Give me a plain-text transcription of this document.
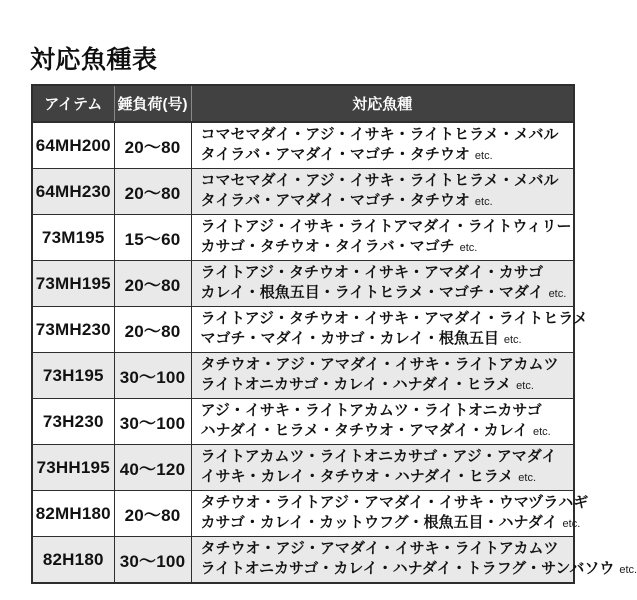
対応魚種表
アイテム	錘負荷(号)	対応魚種
64MH200	20～80	コマセマダイ・アジ・イサキ・ライトヒラメ・メバル
タイラバ・アマダイ・マゴチ・タチウオ etc.

64MH230	20～80	コマセマダイ・アジ・イサキ・ライトヒラメ・メバル
タイラバ・アマダイ・マゴチ・タチウオ etc.

73M195	15～60	ライトアジ・イサキ・ライトアマダイ・ライトウィリー
カサゴ・タチウオ・タイラバ・マゴチ etc.

73MH195	20～80	ライトアジ・タチウオ・イサキ・アマダイ・カサゴ
カレイ・根魚五目・ライトヒラメ・マゴチ・マダイ etc.

73MH230	20～80	ライトアジ・タチウオ・イサキ・アマダイ・ライトヒラメ
マゴチ・マダイ・カサゴ・カレイ・根魚五目 etc.

73H195	30～100	タチウオ・アジ・アマダイ・イサキ・ライトアカムツ
ライトオニカサゴ・カレイ・ハナダイ・ヒラメ etc.

73H230	30～100	アジ・イサキ・ライトアカムツ・ライトオニカサゴ
ハナダイ・ヒラメ・タチウオ・アマダイ・カレイ etc.

73HH195	40～120	ライトアカムツ・ライトオニカサゴ・アジ・アマダイ
イサキ・カレイ・タチウオ・ハナダイ・ヒラメ etc.

82MH180	20～80	タチウオ・ライトアジ・アマダイ・イサキ・ウマヅラハギ
カサゴ・カレイ・カットウフグ・根魚五目・ハナダイ etc.

82H180	30～100	タチウオ・アジ・アマダイ・イサキ・ライトアカムツ
ライトオニカサゴ・カレイ・ハナダイ・トラフグ・サンバソウ etc.
